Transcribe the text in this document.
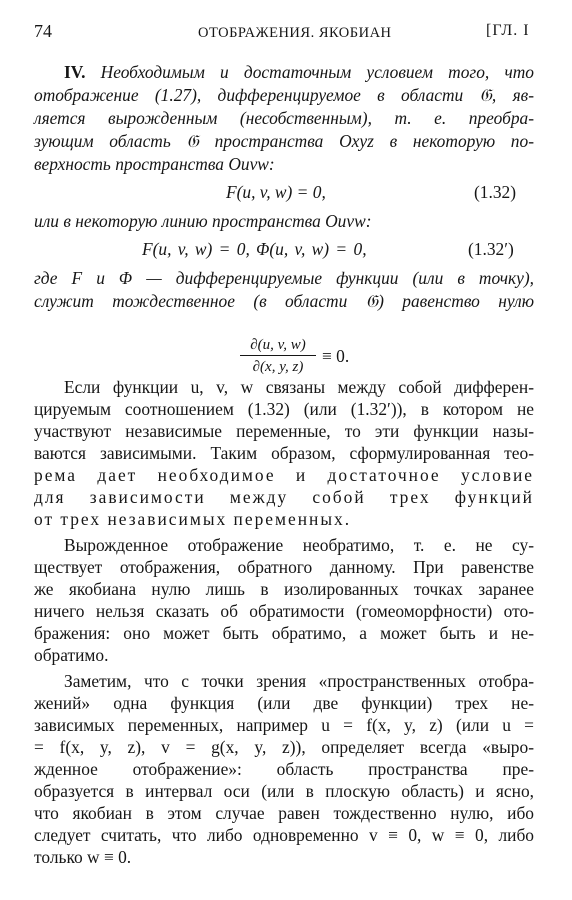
74	ОТОБРАЖЕНИЯ. ЯКОБИАН	[ГЛ. I
IV. Необходимым и достаточным условием того, что
отображение (1.27), дифференцируемое в области 𝔊, яв-
ляется вырожденным (несобственным), т. е. преобра-
зующим область 𝔊 пространства Oxyz в некоторую по-
верхность пространства Ouvw:
F(u, v, w) = 0,	(1.32)
или в некоторую линию пространства Ouvw:
F(u, v, w) = 0, Φ(u, v, w) = 0,	(1.32′)
где F и Φ — дифференцируемые функции (или в точку),
служит тождественное (в области 𝔊) равенство нулю
∂(u, v, w)
∂(x, y, z)
≡ 0.
Если функции u, v, w связаны между собой дифферен-
цируемым соотношением (1.32) (или (1.32′)), в котором не
участвуют независимые переменные, то эти функции назы-
ваются зависимыми. Таким образом, сформулированная тео-
рема дает необходимое и достаточное условие
для зависимости между собой трех функций
от трех независимых переменных.
Вырожденное отображение необратимо, т. е. не су-
ществует отображения, обратного данному. При равенстве
же якобиана нулю лишь в изолированных точках заранее
ничего нельзя сказать об обратимости (гомеоморфности) ото-
бражения: оно может быть обратимо, а может быть и не-
обратимо.
Заметим, что с точки зрения «пространственных отобра-
жений» одна функция (или две функции) трех не-
зависимых переменных, например u = f(x, y, z) (или u =
= f(x, y, z), v = g(x, y, z)), определяет всегда «выро-
жденное отображение»: область пространства пре-
образуется в интервал оси (или в плоскую область) и ясно,
что якобиан в этом случае равен тождественно нулю, ибо
следует считать, что либо одновременно v ≡ 0, w ≡ 0, либо
только w ≡ 0.
